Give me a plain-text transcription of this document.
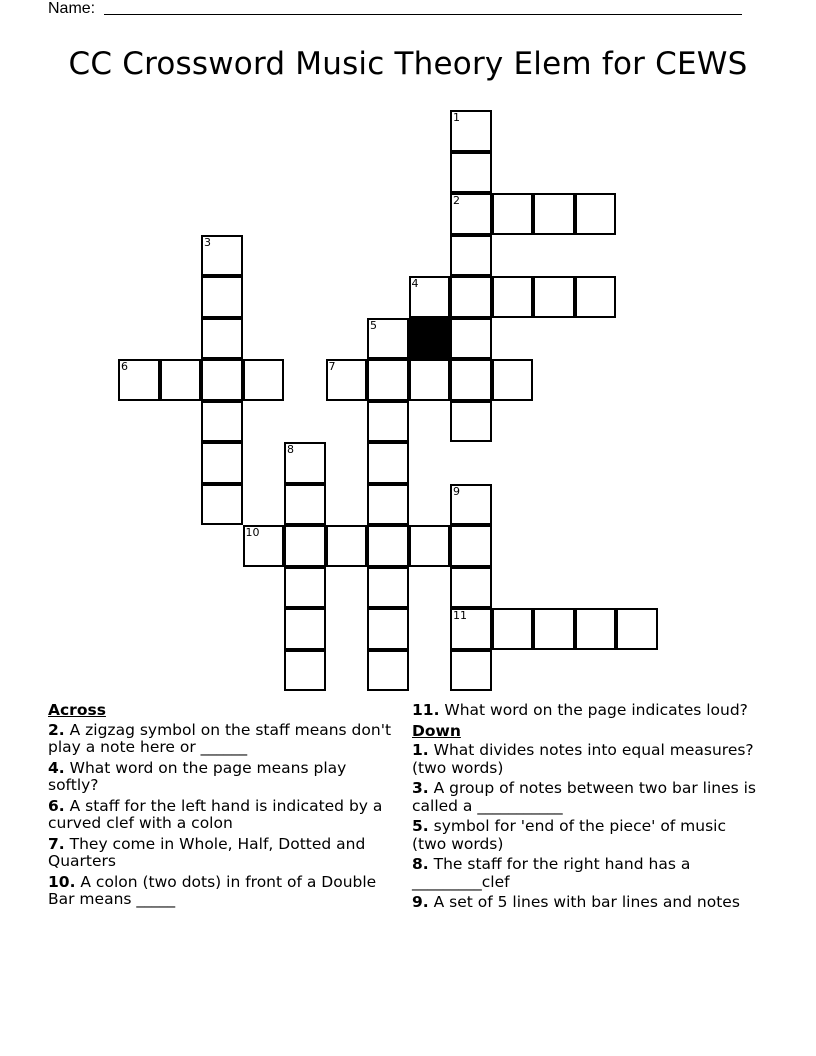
Name:
CC Crossword Music Theory Elem for CEWS
1
2
4
3
6
5
7
8
10
9
11
Across
2. A zigzag symbol on the staff means don't play a note here or ______
4. What word on the page means play softly?
6. A staff for the left hand is indicated by a curved clef with a colon
7. They come in Whole, Half, Dotted and Quarters
10. A colon (two dots) in front of a Double Bar means _____
11. What word on the page indicates loud?
Down
1. What divides notes into equal measures? (two words)
3. A group of notes between two bar lines is called a ___________
5. symbol for 'end of the piece' of music (two words)
8. The staff for the right hand has a _________clef
9. A set of 5 lines with bar lines and notes
